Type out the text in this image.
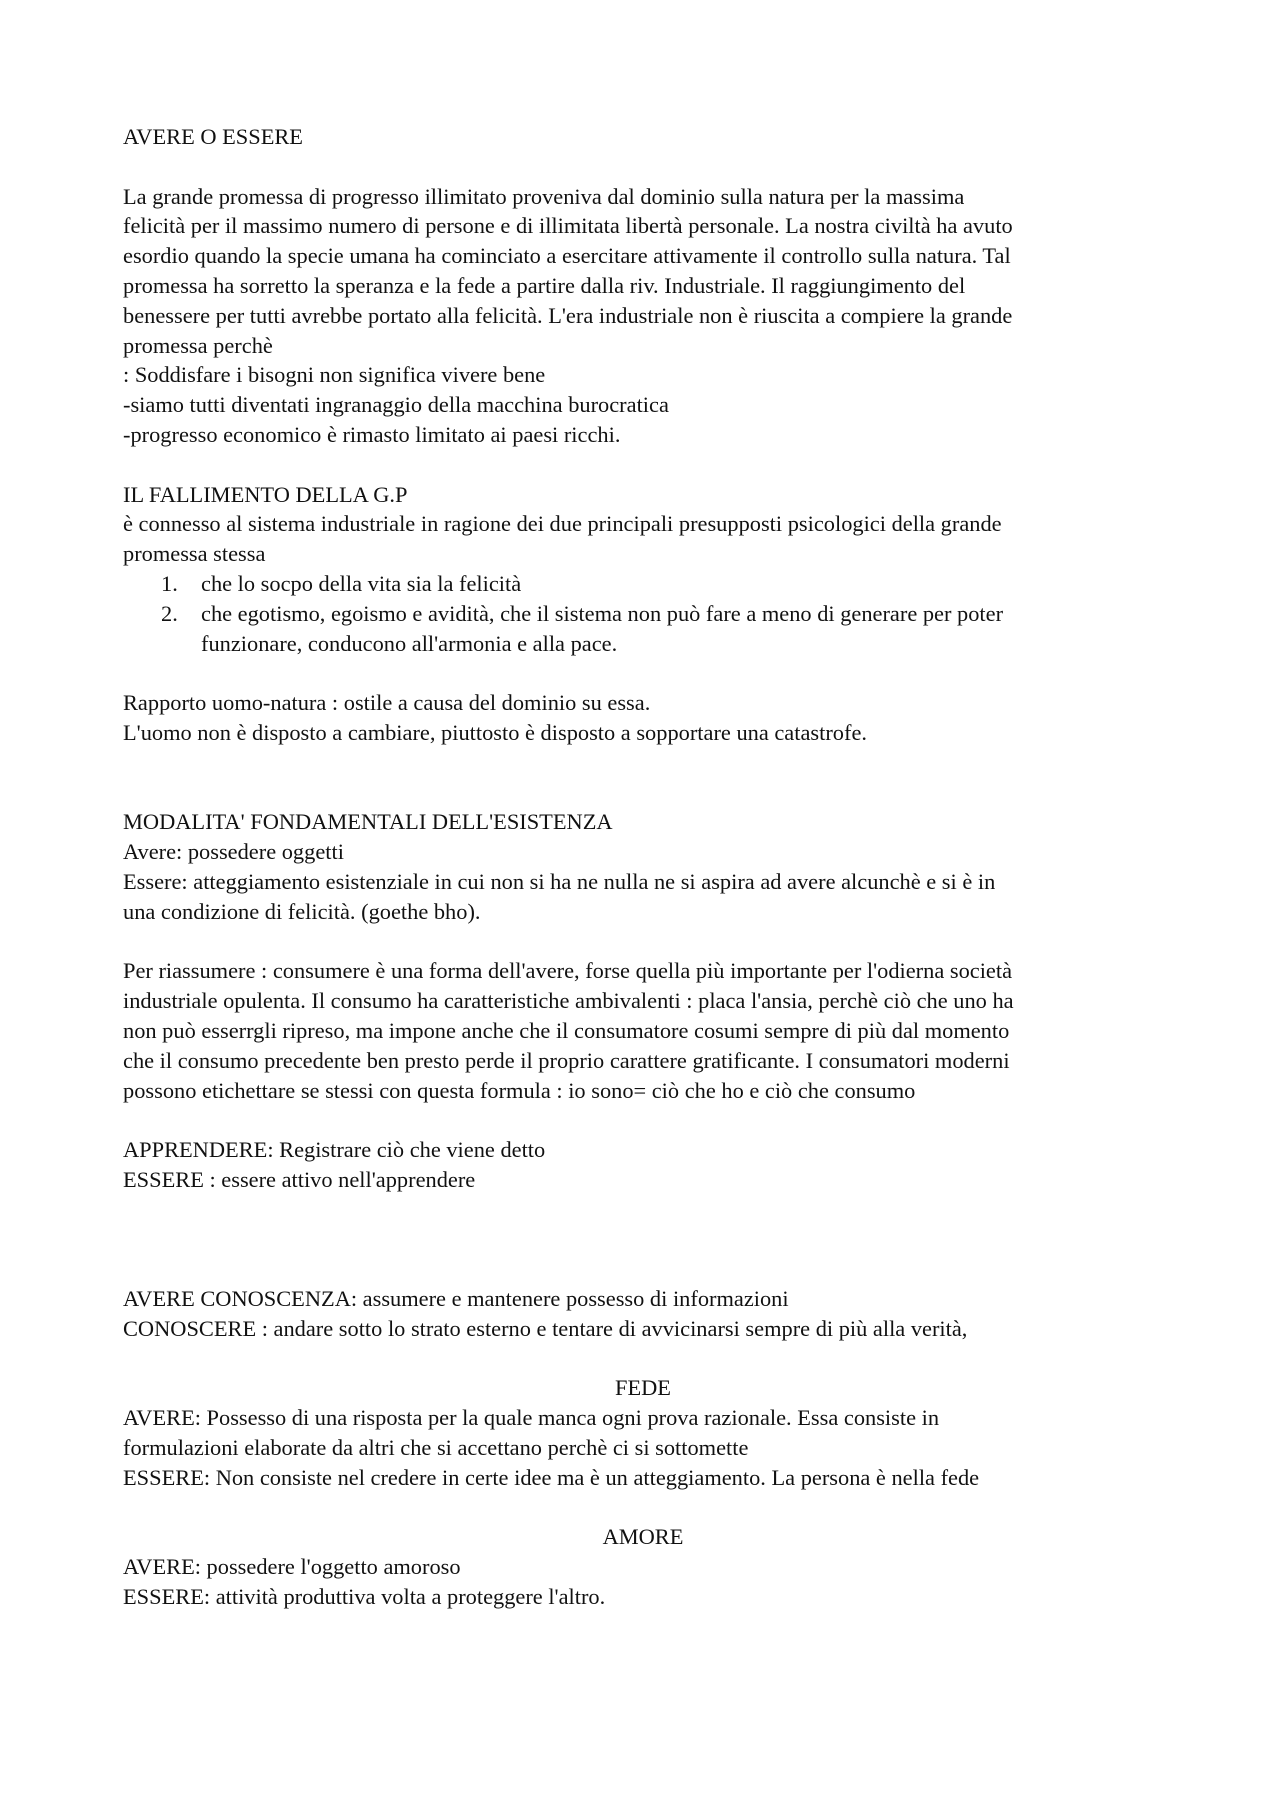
AVERE O ESSERE
La grande promessa di progresso illimitato proveniva dal dominio sulla natura per la massima
felicità per il massimo numero di persone e di illimitata libertà personale. La nostra civiltà ha avuto
esordio quando la specie umana ha cominciato a esercitare attivamente il controllo sulla natura. Tal
promessa ha sorretto la speranza e la fede a partire dalla riv. Industriale. Il raggiungimento del
benessere per tutti avrebbe portato alla felicità. L'era industriale non è riuscita a compiere la grande
promessa perchè
: Soddisfare i bisogni non significa vivere bene
-siamo tutti diventati ingranaggio della macchina burocratica
-progresso economico è rimasto limitato ai paesi ricchi.
IL FALLIMENTO DELLA G.P
è connesso al sistema industriale in ragione dei due principali presupposti psicologici della grande
promessa stessa
1. che lo socpo della vita sia la felicità
2. che egotismo, egoismo e avidità, che il sistema non può fare a meno di generare per poter
funzionare, conducono all'armonia e alla pace.
Rapporto uomo-natura : ostile a causa del dominio su essa.
L'uomo non è disposto a cambiare, piuttosto è disposto a sopportare una catastrofe.
MODALITA' FONDAMENTALI DELL'ESISTENZA
Avere: possedere oggetti
Essere: atteggiamento esistenziale in cui non si ha ne nulla ne si aspira ad avere alcunchè e si è in
una condizione di felicità. (goethe bho).
Per riassumere : consumere è una forma dell'avere, forse quella più importante per l'odierna società
industriale opulenta. Il consumo ha caratteristiche ambivalenti : placa l'ansia, perchè ciò che uno ha
non può esserrgli ripreso, ma impone anche che il consumatore cosumi sempre di più dal momento
che il consumo precedente ben presto perde il proprio carattere gratificante. I consumatori moderni
possono etichettare se stessi con questa formula : io sono= ciò che ho e ciò che consumo
APPRENDERE: Registrare ciò che viene detto
ESSERE : essere attivo nell'apprendere
AVERE CONOSCENZA: assumere e mantenere possesso di informazioni
CONOSCERE : andare sotto lo strato esterno e tentare di avvicinarsi sempre di più alla verità,
FEDE
AVERE: Possesso di una risposta per la quale manca ogni prova razionale. Essa consiste in
formulazioni elaborate da altri che si accettano perchè ci si sottomette
ESSERE: Non consiste nel credere in certe idee ma è un atteggiamento. La persona è nella fede
AMORE
AVERE: possedere l'oggetto amoroso
ESSERE: attività produttiva volta a proteggere l'altro.
